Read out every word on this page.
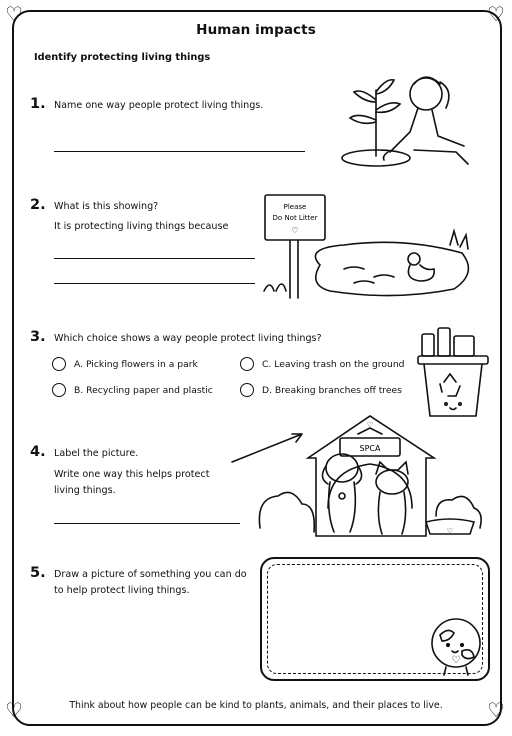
♡	♡
♡	♡
Human impacts
Identify protecting living things
1. Name one way people protect living things.
2. What is this showing?
It is protecting living things because
Please
Do Not Litter
♡
3. Which choice shows a way people protect living things?
A. Picking flowers in a park
B. Recycling paper and plastic
C. Leaving trash on the ground
D. Breaking branches off trees
4. Label the picture.
Write one way this helps protect
living things.
SPCA
♡
♡
5. Draw a picture of something you can do
to help protect living things.
♡
Think about how people can be kind to plants, animals, and their places to live.
